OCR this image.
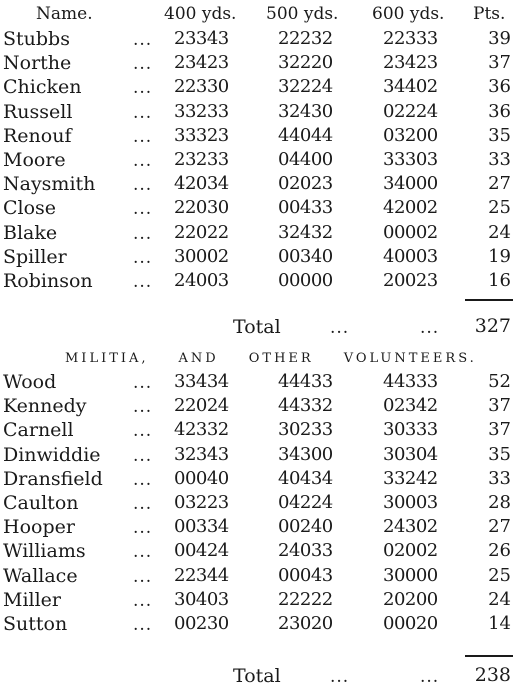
Name.	400 yds. 500 yds. 600 yds. Pts.
Stubbs	... 23343	22232	22333	39
Northe	... 23423	32220	23423	37
Chicken	... 22330	32224	34402	36
Russell	... 33233	32430	02224	36
Renouf	... 33323	44044	03200	35
Moore	... 23233	04400	33303	33
Naysmith ... 42034	02023	34000	27
Close	... 22030	00433	42002	25
Blake	... 22022	32432	00002	24
Spiller	... 30002	00340	40003	19
Robinson ... 24003	00000	20023	16
Total	...	... 327
MILITIA, AND OTHER VOLUNTEERS.
Wood	... 33434	44433	44333	52
Kennedy	... 22024	44332	02342	37
Carnell	... 42332	30233	30333	37
Dinwiddie ... 32343	34300	30304	35
Dransfield ... 00040	40434	33242	33
Caulton	... 03223	04224	30003	28
Hooper	... 00334	00240	24302	27
Williams	... 00424	24033	02002	26
Wallace	... 22344	00043	30000	25
Miller	... 30403	22222	20200	24
Sutton	... 00230	23020	00020	14
Total	...	... 238
